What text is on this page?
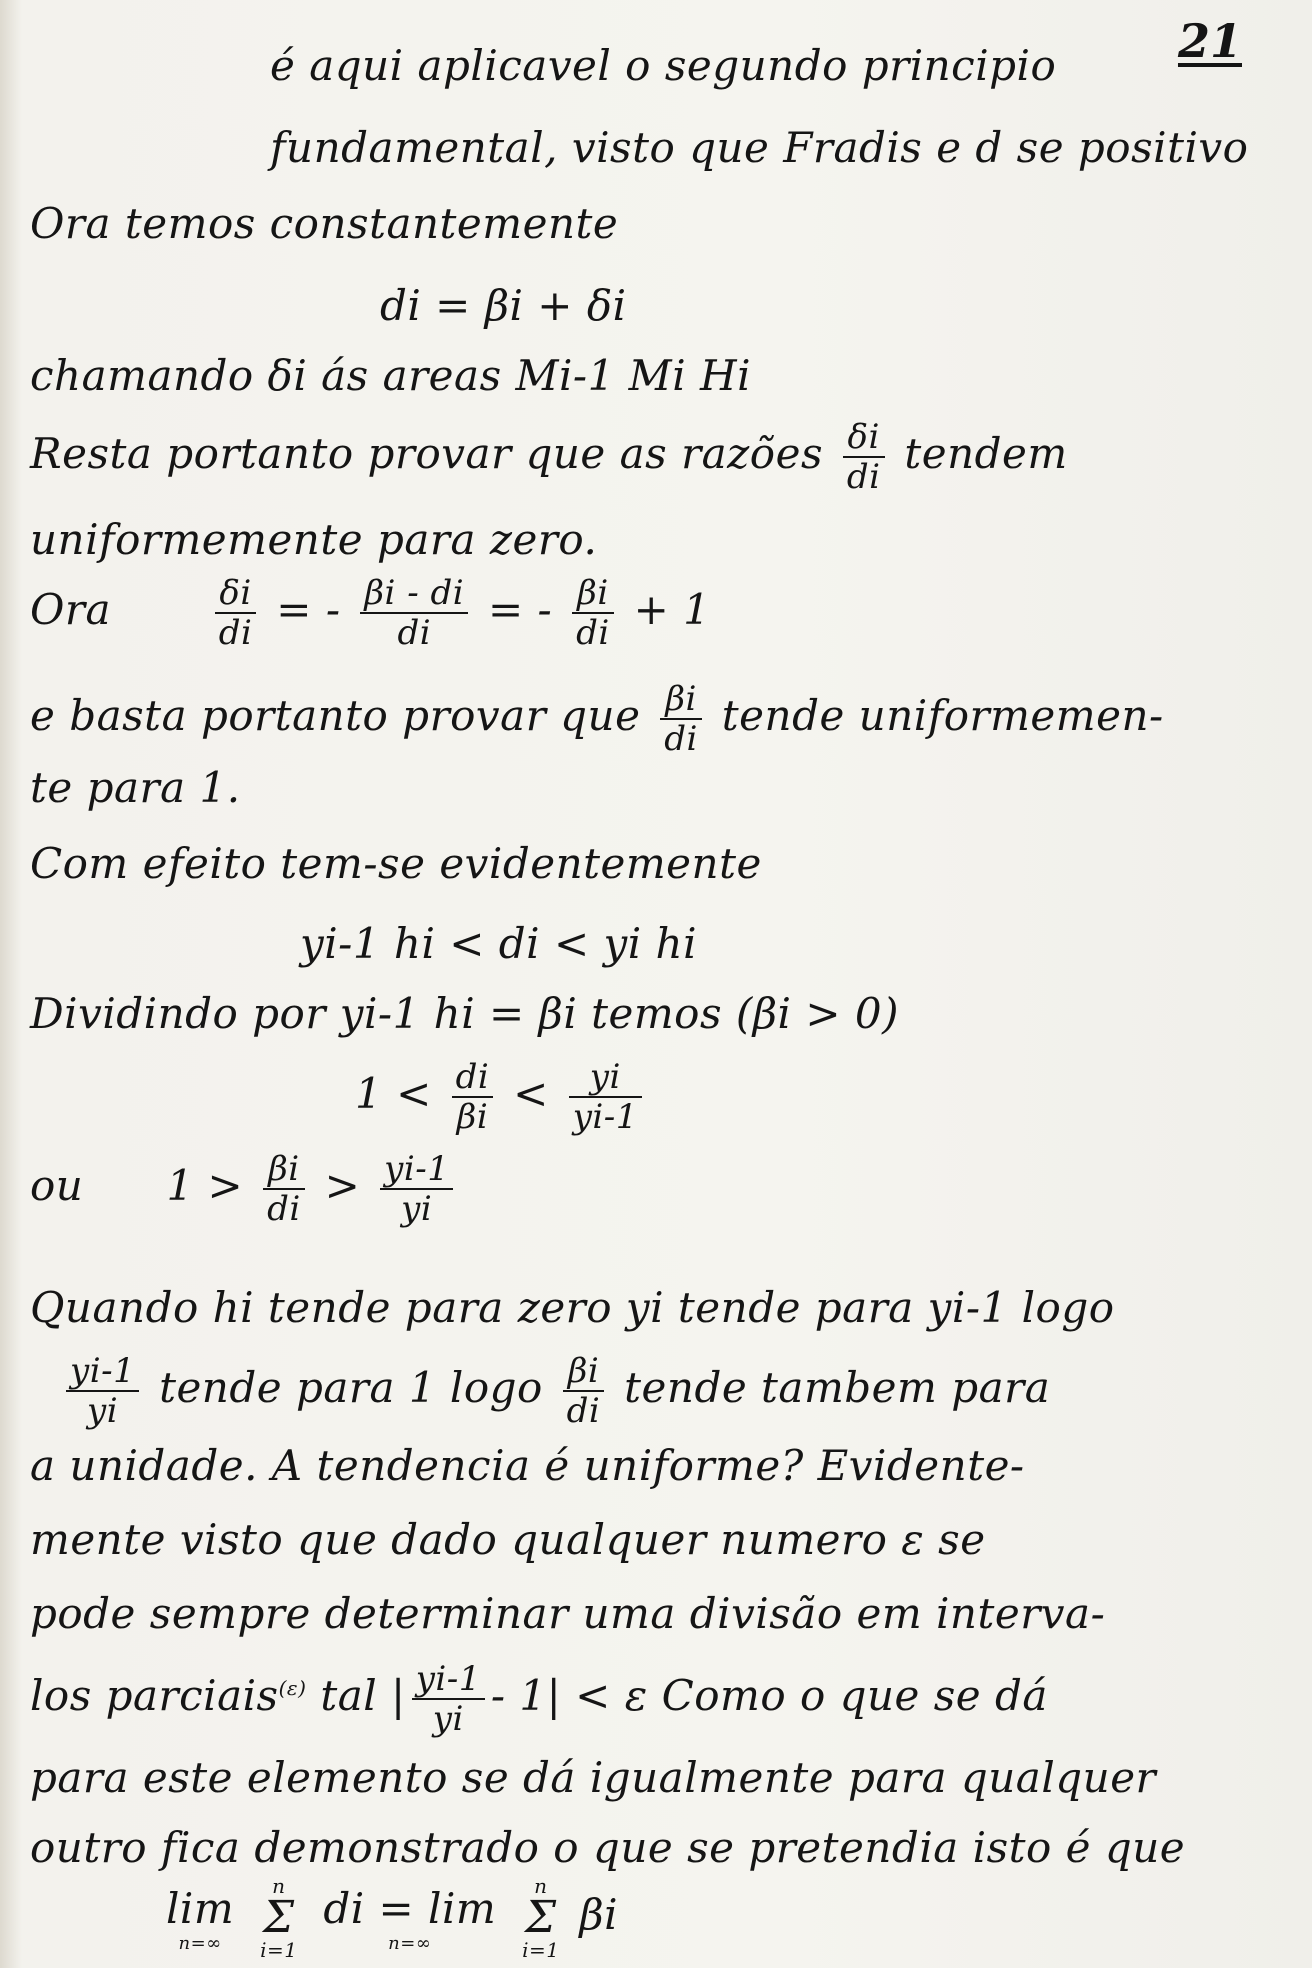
21
é aqui aplicavel o segundo principio
fundamental, visto que Fradis e d se positivo
Ora temos constantemente
di = βi + δi
chamando δi ás areas Mi-1 Mi Hi
Resta portanto provar que as razões $\frac{\delta i}{di}$ tendem
uniformemente para zero.
Ora	$\frac{\delta i}{di}$ = - $\frac{\beta i - di}{di}$ = - $\frac{\beta i}{di} + 1$
e basta portanto provar que $\frac{\beta i}{di}$ tende uniformemen-
te para 1.
Com efeito tem-se evidentemente
yi-1 hi < di < yi hi
Dividindo por yi-1 hi = βi temos (βi > 0)
$1 < \frac{di}{\beta i} < \frac{yi}{yi-1}$
ou      $1 > \frac{\beta i}{di} > \frac{yi-1}{yi}$
Quando hi tende para zero yi tende para yi-1 logo
$\frac{yi-1}{yi}$ tende para 1 logo $\frac{\beta i}{di}$ tende tambem para
a unidade. A tendencia é uniforme? Evidente-
mente visto que dado qualquer numero ε se
pode sempre determinar uma divisão em interva-
los parciais$^{(\varepsilon)}$ tal | $\frac{yi-1}{yi} - 1| < \varepsilon$ Como o que se dá
para este elemento se dá igualmente para qualquer
outro fica demonstrado o que se pretendia isto é que
lim
n=∞
n
Σ
i=1 di = lim
n=∞
n
Σ
i=1 βi
